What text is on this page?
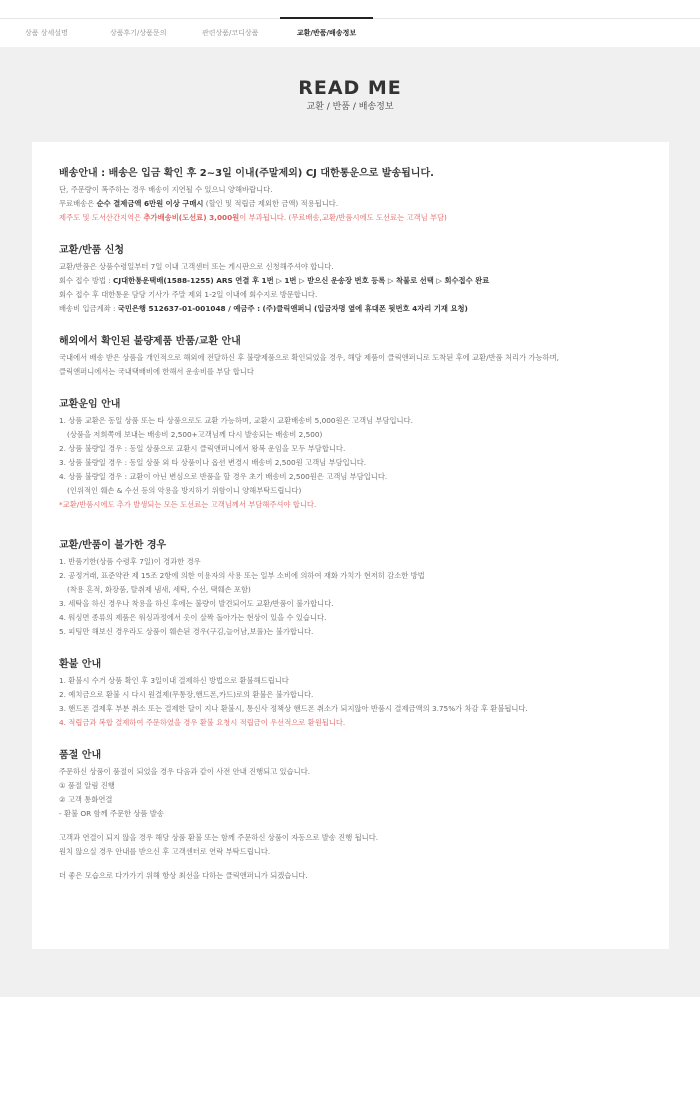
상품 상세설명	상품후기/상품문의	관련상품/코디상품	교환/반품/배송정보
READ ME
교환 / 반품 / 배송정보
배송안내 : 배송은 입금 확인 후 2~3일 이내(주말제외) CJ 대한통운으로 발송됩니다.
단, 주문량이 폭주하는 경우 배송이 지연될 수 있으니 양해바랍니다.
무료배송은 순수 결제금액 6만원 이상 구매시 (할인 및 적립금 제외한 금액) 적용됩니다.
제주도 및 도서산간지역은 추가배송비(도선료) 3,000원이 부과됩니다. (무료배송,교환/반품시에도 도선료는 고객님 부담)
교환/반품 신청
교환/반품은 상품수령일부터 7일 이내 고객센터 또는 게시판으로 신청해주셔야 합니다.
회수 접수 방법 : CJ대한통운택배(1588-1255) ARS 연결 후 1번 ▷ 1번 ▷ 받으신 운송장 번호 등록 ▷ 착불로 선택 ▷ 회수접수 완료
회수 접수 후 대한통운 담당 기사가 주말 제외 1-2일 이내에 회수지로 방문합니다.
배송비 입금계좌 : 국민은행 512637-01-001048 / 예금주 : (주)클릭앤퍼니 (입금자명 옆에 휴대폰 뒷번호 4자리 기재 요청)
해외에서 확인된 불량제품 반품/교환 안내
국내에서 배송 받은 상품을 개인적으로 해외에 전달하신 후 불량제품으로 확인되었을 경우, 해당 제품이 클릭앤퍼니로 도착된 후에 교환/반품 처리가 가능하며,
클릭앤퍼니에서는 국내택배비에 한해서 운송비를 부담 합니다
교환운임 안내
1. 상품 교환은 동일 상품 또는 타 상품으로도 교환 가능하며, 교환시 교환배송비 5,000원은 고객님 부담입니다.
(상품을 저희쪽에 보내는 배송비 2,500+고객님께 다시 발송되는 배송비 2,500)
2. 상품 불량일 경우 : 동일 상품으로 교환시 클릭앤퍼니에서 왕복 운임을 모두 부담합니다.
3. 상품 불량일 경우 : 동일 상품 외 타 상품이나 옵션 변경시 배송비 2,500원 고객님 부담입니다.
4. 상품 불량일 경우 : 교환이 아닌 변심으로 반품을 할 경우 초기 배송비 2,500원은 고객님 부담입니다.
(인위적인 훼손 & 수선 등의 악용을 방지하기 위함이니 양해부탁드립니다)
*교환/반품시에도 추가 발생되는 모든 도선료는 고객님께서 부담해주셔야 합니다.
교환/반품이 불가한 경우
1. 반품기한(상품 수령후 7일)이 경과한 경우
2. 공정거래, 표준약관 제 15조 2항에 의한 이용자의 사용 또는 일부 소비에 의하여 재화 가치가 현저히 감소한 방법
(착용 흔적, 화장품, 탈취제 냄새, 세탁, 수선, 택훼손 포함)
3. 세탁을 하신 경우나 착용을 하신 후에는 불량이 발견되어도 교환/반품이 불가합니다.
4. 워싱면 종류의 제품은 워싱과정에서 옷이 살짝 돌아가는 현상이 있을 수 있습니다.
5. 피팅만 해보신 경우라도 상품이 훼손된 경우(구김,늘어남,보풀)는 불가합니다.
환불 안내
1. 환불시 수거 상품 확인 후 3일이내 결제하신 방법으로 환불해드립니다
2. 예치금으로 환불 시 다시 원결제(무통장,핸드폰,카드)로의 환불은 불가합니다.
3. 핸드폰 결제후 부분 취소 또는 결제한 달이 지나 환불시, 통신사 정책상 핸드폰 취소가 되지않아 반품시 결제금액의 3.75%가 차감 후 환불됩니다.
4. 적립금과 복합 결제하여 주문하였을 경우 환불 요청시 적립금이 우선적으로 환원됩니다.
품절 안내
주문하신 상품이 품절이 되었을 경우 다음과 같이 사전 안내 진행되고 있습니다.
① 품절 알림 진행
② 고객 통화연결
- 환불 OR 함께 주문한 상품 발송
고객과 연결이 되지 않을 경우 해당 상품 환불 또는 함께 주문하신 상품이 자동으로 발송 진행 됩니다.
원치 않으실 경우 안내를 받으신 후 고객센터로 연락 부탁드립니다.
더 좋은 모습으로 다가가기 위해 항상 최선을 다하는 클릭앤퍼니가 되겠습니다.
